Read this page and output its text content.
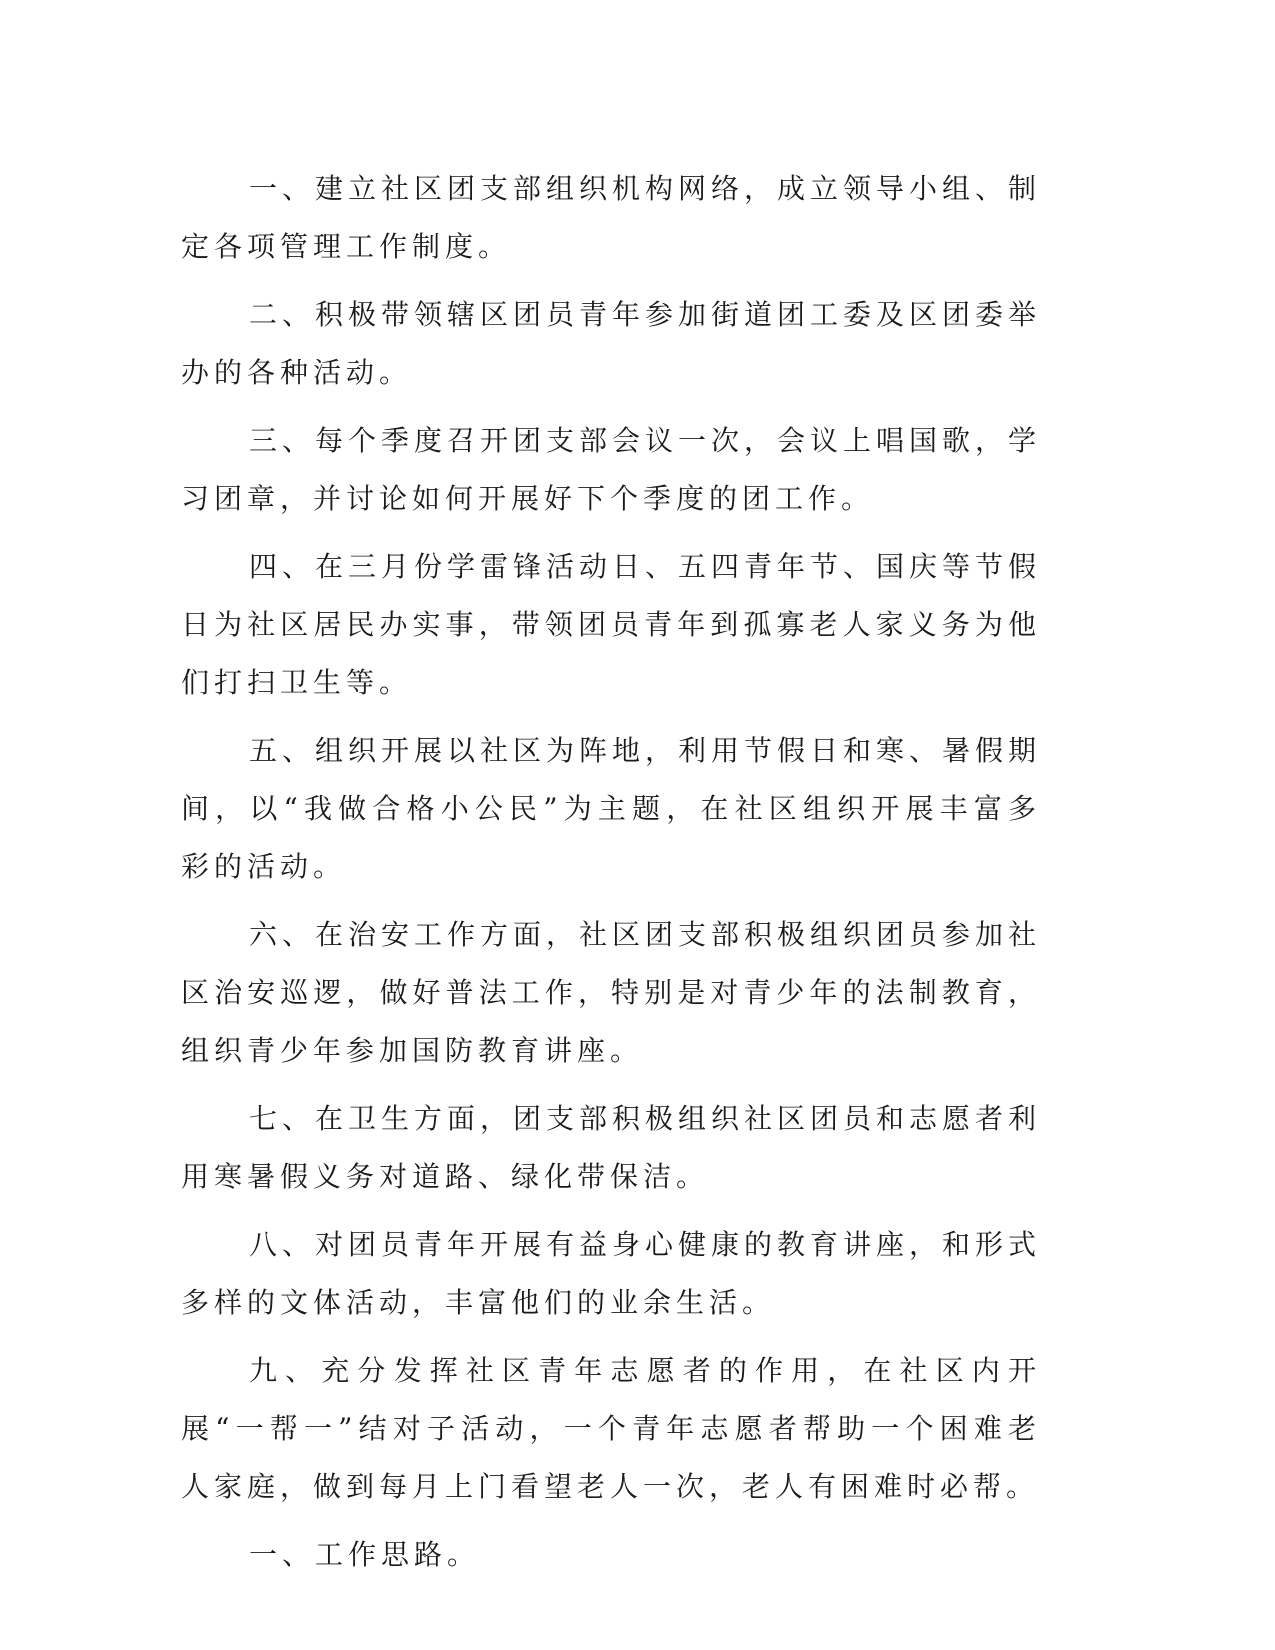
一、建立社区团支部组织机构网络，成立领导小组、制定各项管理工作制度。

二、积极带领辖区团员青年参加街道团工委及区团委举办的各种活动。

三、每个季度召开团支部会议一次，会议上唱国歌，学习团章，并讨论如何开展好下个季度的团工作。

四、在三月份学雷锋活动日、五四青年节、国庆等节假日为社区居民办实事，带领团员青年到孤寡老人家义务为他们打扫卫生等。

五、组织开展以社区为阵地，利用节假日和寒、暑假期间，以“我做合格小公民”为主题，在社区组织开展丰富多彩的活动。

六、在治安工作方面，社区团支部积极组织团员参加社区治安巡逻，做好普法工作，特别是对青少年的法制教育，组织青少年参加国防教育讲座。

七、在卫生方面，团支部积极组织社区团员和志愿者利用寒暑假义务对道路、绿化带保洁。

八、对团员青年开展有益身心健康的教育讲座，和形式多样的文体活动，丰富他们的业余生活。

九、充分发挥社区青年志愿者的作用，在社区内开展“一帮一”结对子活动，一个青年志愿者帮助一个困难老人家庭，做到每月上门看望老人一次，老人有困难时必帮。

一、工作思路。
